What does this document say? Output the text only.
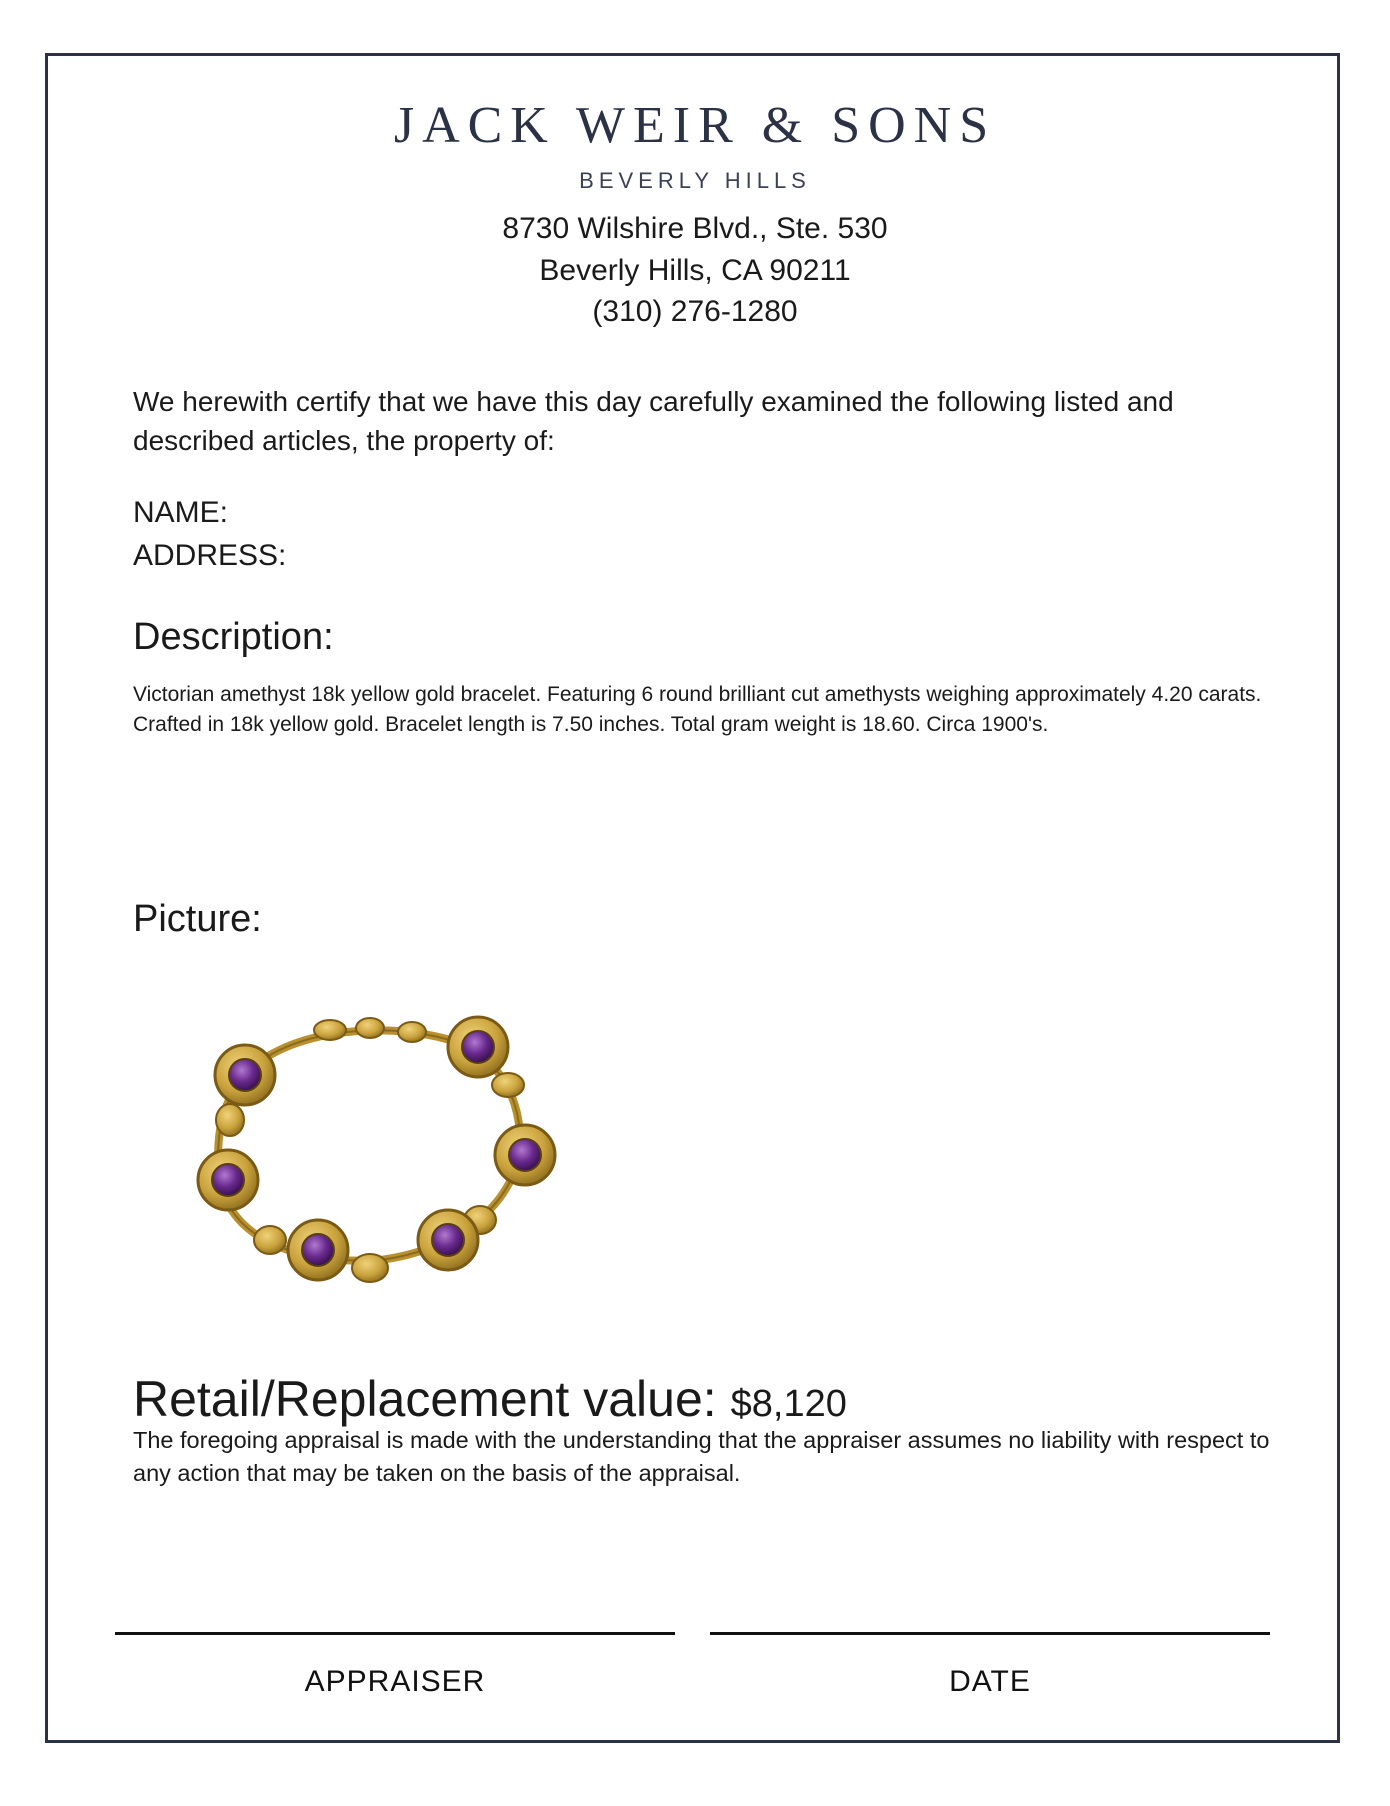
JACK WEIR & SONS
BEVERLY HILLS
8730 Wilshire Blvd., Ste. 530
Beverly Hills, CA 90211
(310) 276-1280
We herewith certify that we have this day carefully examined the following listed and described articles, the property of:
NAME:
ADDRESS:
Description:
Victorian amethyst 18k yellow gold bracelet. Featuring 6 round brilliant cut amethysts weighing approximately 4.20 carats. Crafted in 18k yellow gold. Bracelet length is 7.50 inches. Total gram weight is 18.60. Circa 1900's.
Picture:
Retail/Replacement value: $8,120
The foregoing appraisal is made with the understanding that the appraiser assumes no liability with respect to any action that may be taken on the basis of the appraisal.
APPRAISER	DATE
